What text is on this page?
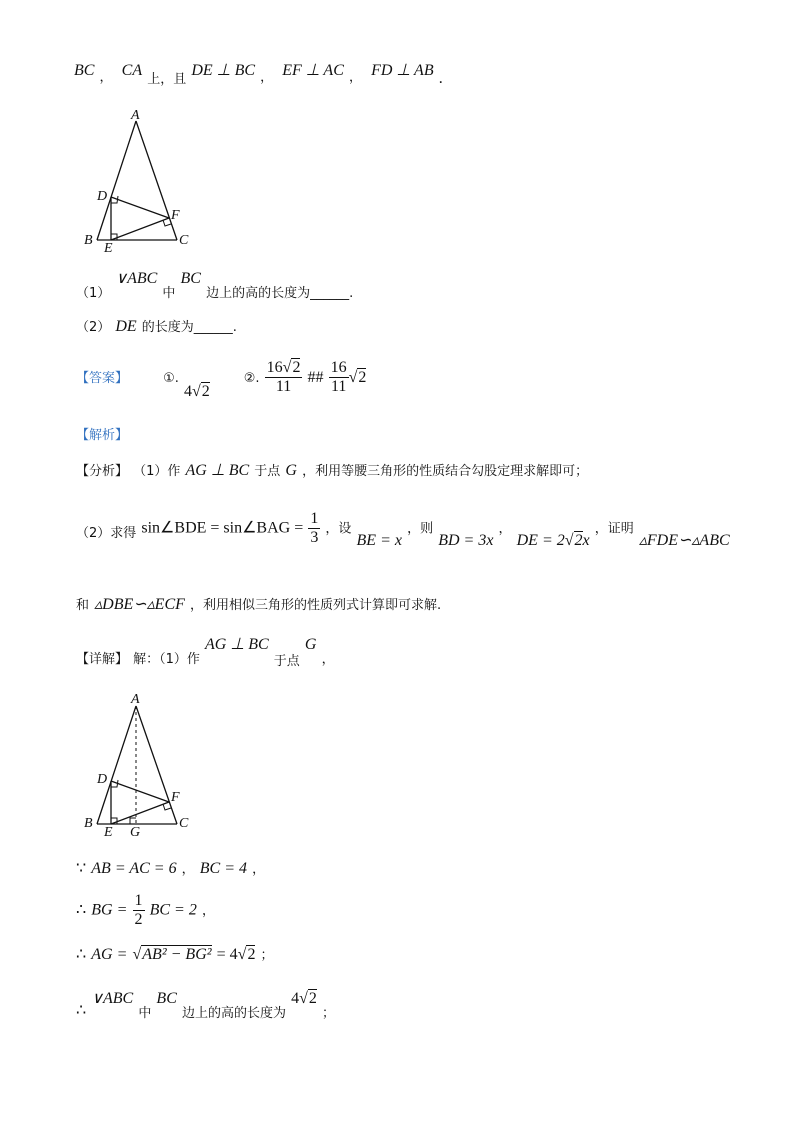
BC $_,$ CA $_{上,且}$ DE ⊥ BC $_,$ EF ⊥ AC $_,$ FD ⊥ AB .
A
B	C
D
E
F
$_{(1)}$ ∨ABC $_中$ BC $_{边上的高的长度为\_\_\_\_\_\_.}$
（2） DE 的长度为______.
$_{【答案】}$	$_{①.}$ 4√2 $_{②.} \frac{16√2}{11}$ ## $\frac{16}{11} √2$
【解析】
【分析】 （1）作 AG ⊥ BC 于点 G ，利用等腰三角形的性质结合勾股定理求解即可；
$_{(2)求得}$ sin∠BDE = sin∠BAG = $\frac{1}{3}$ ，设 BE = x ，则 BD = 3x ， DE = 2√2x ，证明 ▵FDE∽▵ABC
和 ▵DBE∽▵ECF ，利用相似三角形的性质列式计算即可求解.
$_{【详解】}$ $_{解:(1)作}$ AG ⊥ BC $_{于点}$ G $_,$
A
B	C
D
E
F
G
∵ AB = AC = 6 ， BC = 4 ，
∴ BG = $\frac{1}{2}$ BC = 2 ，
∴ AG = √AB² − BG² = 4√2 ；
∴ ∨ABC $_中$ BC $_{边上的高的长度为}$ 4√2 $_;$
